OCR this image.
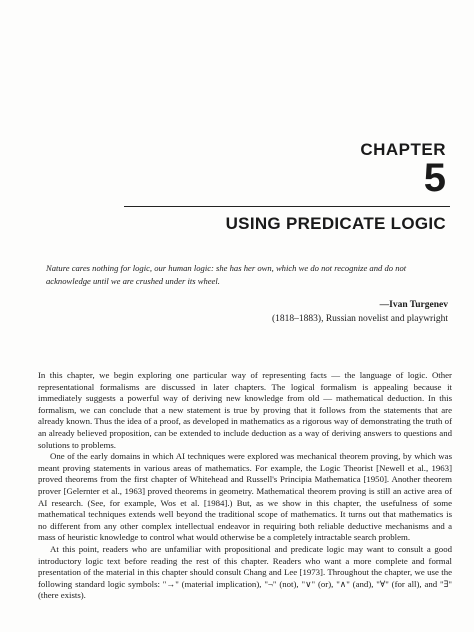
CHAPTER
5
USING PREDICATE LOGIC
Nature cares nothing for logic, our human logic: she has her own, which we do not recognize and do not acknowledge until we are crushed under its wheel.
—Ivan Turgenev
(1818–1883), Russian novelist and playwright

In this chapter, we begin exploring one particular way of representing facts — the language of logic. Other representational formalisms are discussed in later chapters. The logical formalism is appealing because it immediately suggests a powerful way of deriving new knowledge from old — mathematical deduction. In this formalism, we can conclude that a new statement is true by proving that it follows from the statements that are already known. Thus the idea of a proof, as developed in mathematics as a rigorous way of demonstrating the truth of an already believed proposition, can be extended to include deduction as a way of deriving answers to questions and solutions to problems.

One of the early domains in which AI techniques were explored was mechanical theorem proving, by which was meant proving statements in various areas of mathematics. For example, the Logic Theorist [Newell et al., 1963] proved theorems from the first chapter of Whitehead and Russell's Principia Mathematica [1950]. Another theorem prover [Gelernter et al., 1963] proved theorems in geometry. Mathematical theorem proving is still an active area of AI research. (See, for example, Wos et al. [1984].) But, as we show in this chapter, the usefulness of some mathematical techniques extends well beyond the traditional scope of mathematics. It turns out that mathematics is no different from any other complex intellectual endeavor in requiring both reliable deductive mechanisms and a mass of heuristic knowledge to control what would otherwise be a completely intractable search problem.

At this point, readers who are unfamiliar with propositional and predicate logic may want to consult a good introductory logic text before reading the rest of this chapter. Readers who want a more complete and formal presentation of the material in this chapter should consult Chang and Lee [1973]. Throughout the chapter, we use the following standard logic symbols: "→" (material implication), "¬" (not), "∨" (or), "∧" (and), "∀" (for all), and "∃" (there exists).
